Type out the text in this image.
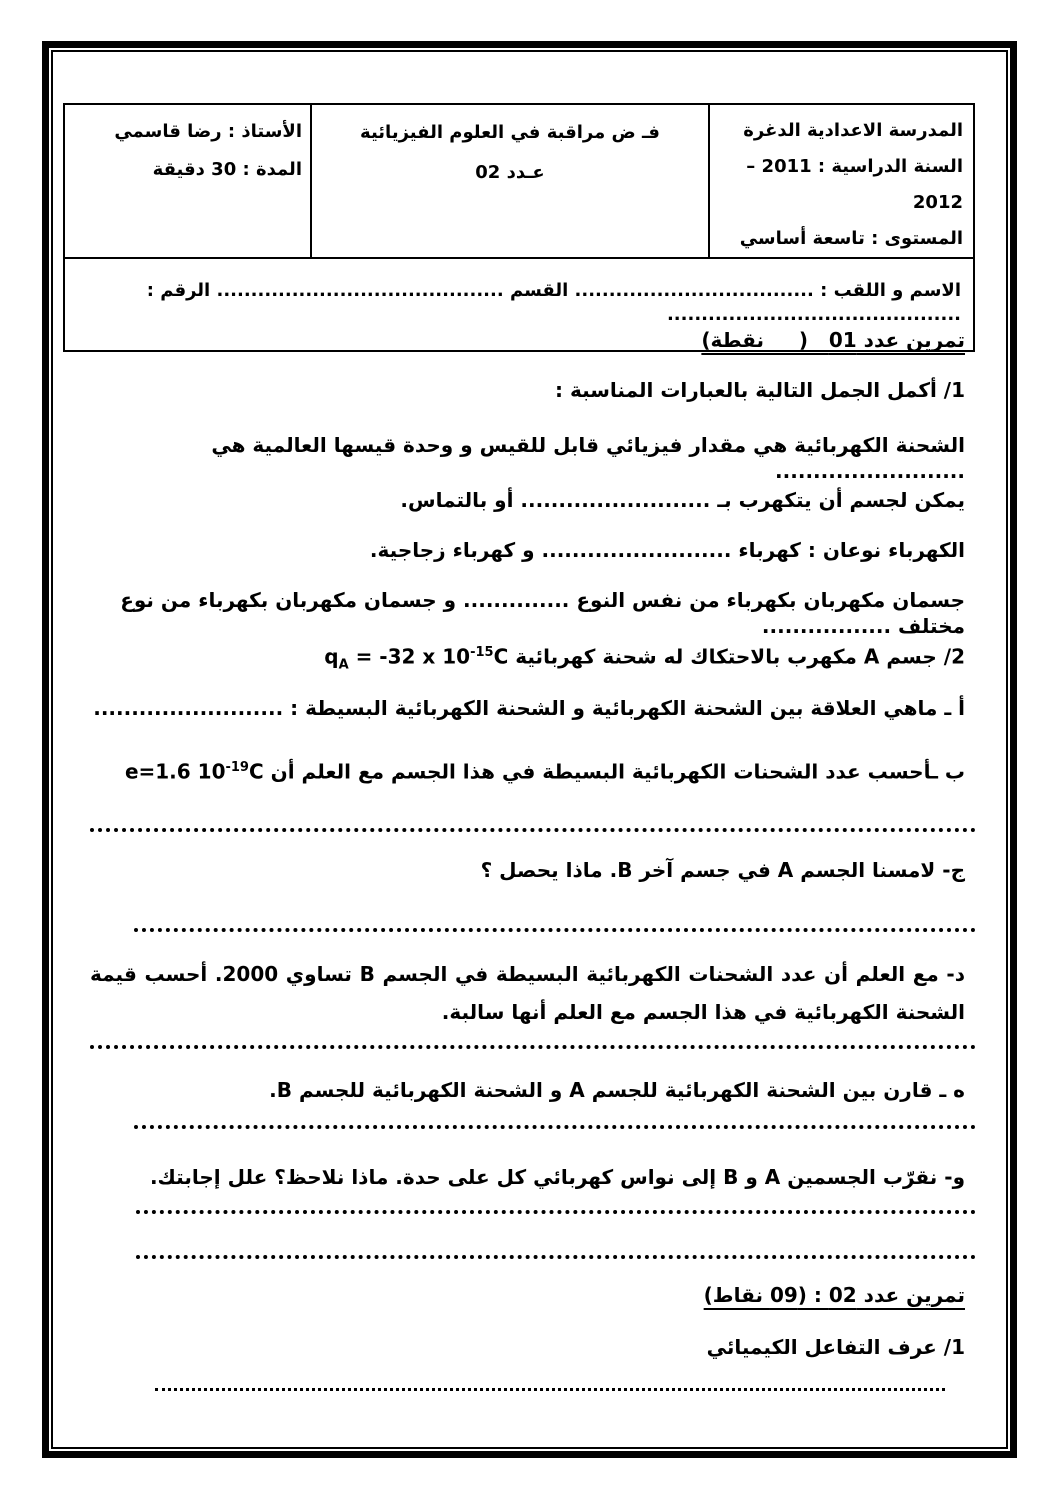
المدرسة الاعدادية الدغرة
السنة الدراسية : 2011 ‏–‏ 2012
المستوى : تاسعة أساسي

فـ ض مراقبة في العلوم الفيزيائية
عـدد 02

الأستاذ : رضا قاسمي
المدة : 30 دقيقة

الاسم و اللقب : ................................... القسم .......................................... الرقم : ...........................................
تمرين عدد 01   (     نقطة)
1/ أكمل الجمل التالية بالعبارات المناسبة :
الشحنة الكهربائية هي مقدار فيزيائي قابل للقيس و وحدة قيسها العالمية هي .........................
يمكن لجسم أن يتكهرب بـ ......................... أو بالتماس.
الكهرباء نوعان : كهرباء ......................... و كهرباء زجاجية.
جسمان مكهربان بكهرباء من نفس النوع .............. و جسمان مكهربان بكهرباء من نوع مختلف .................
2/ جسم A مكهرب بالاحتكاك له شحنة كهربائية $q_A = -32$ x $10^{-15}C$
أ ـ ماهي العلاقة بين الشحنة الكهربائية و الشحنة الكهربائية البسيطة : .........................
ب ـأحسب عدد الشحنات الكهربائية البسيطة في هذا الجسم مع العلم أن e=1.6 $10^{-19}C$
ج- لامسنا الجسم A في جسم آخر B. ماذا يحصل ؟
د- مع العلم أن عدد الشحنات الكهربائية البسيطة في الجسم B تساوي 2000. أحسب قيمة الشحنة الكهربائية في هذا الجسم مع العلم أنها سالبة.
ه ـ قارن بين الشحنة الكهربائية للجسم A و الشحنة الكهربائية للجسم B.
و- نقرّب الجسمين A و B إلى نواس كهربائي كل على حدة. ماذا نلاحظ؟ علل إجابتك.
تمرين عدد 02 : (09 نقاط)
1/ عرف التفاعل الكيميائي
